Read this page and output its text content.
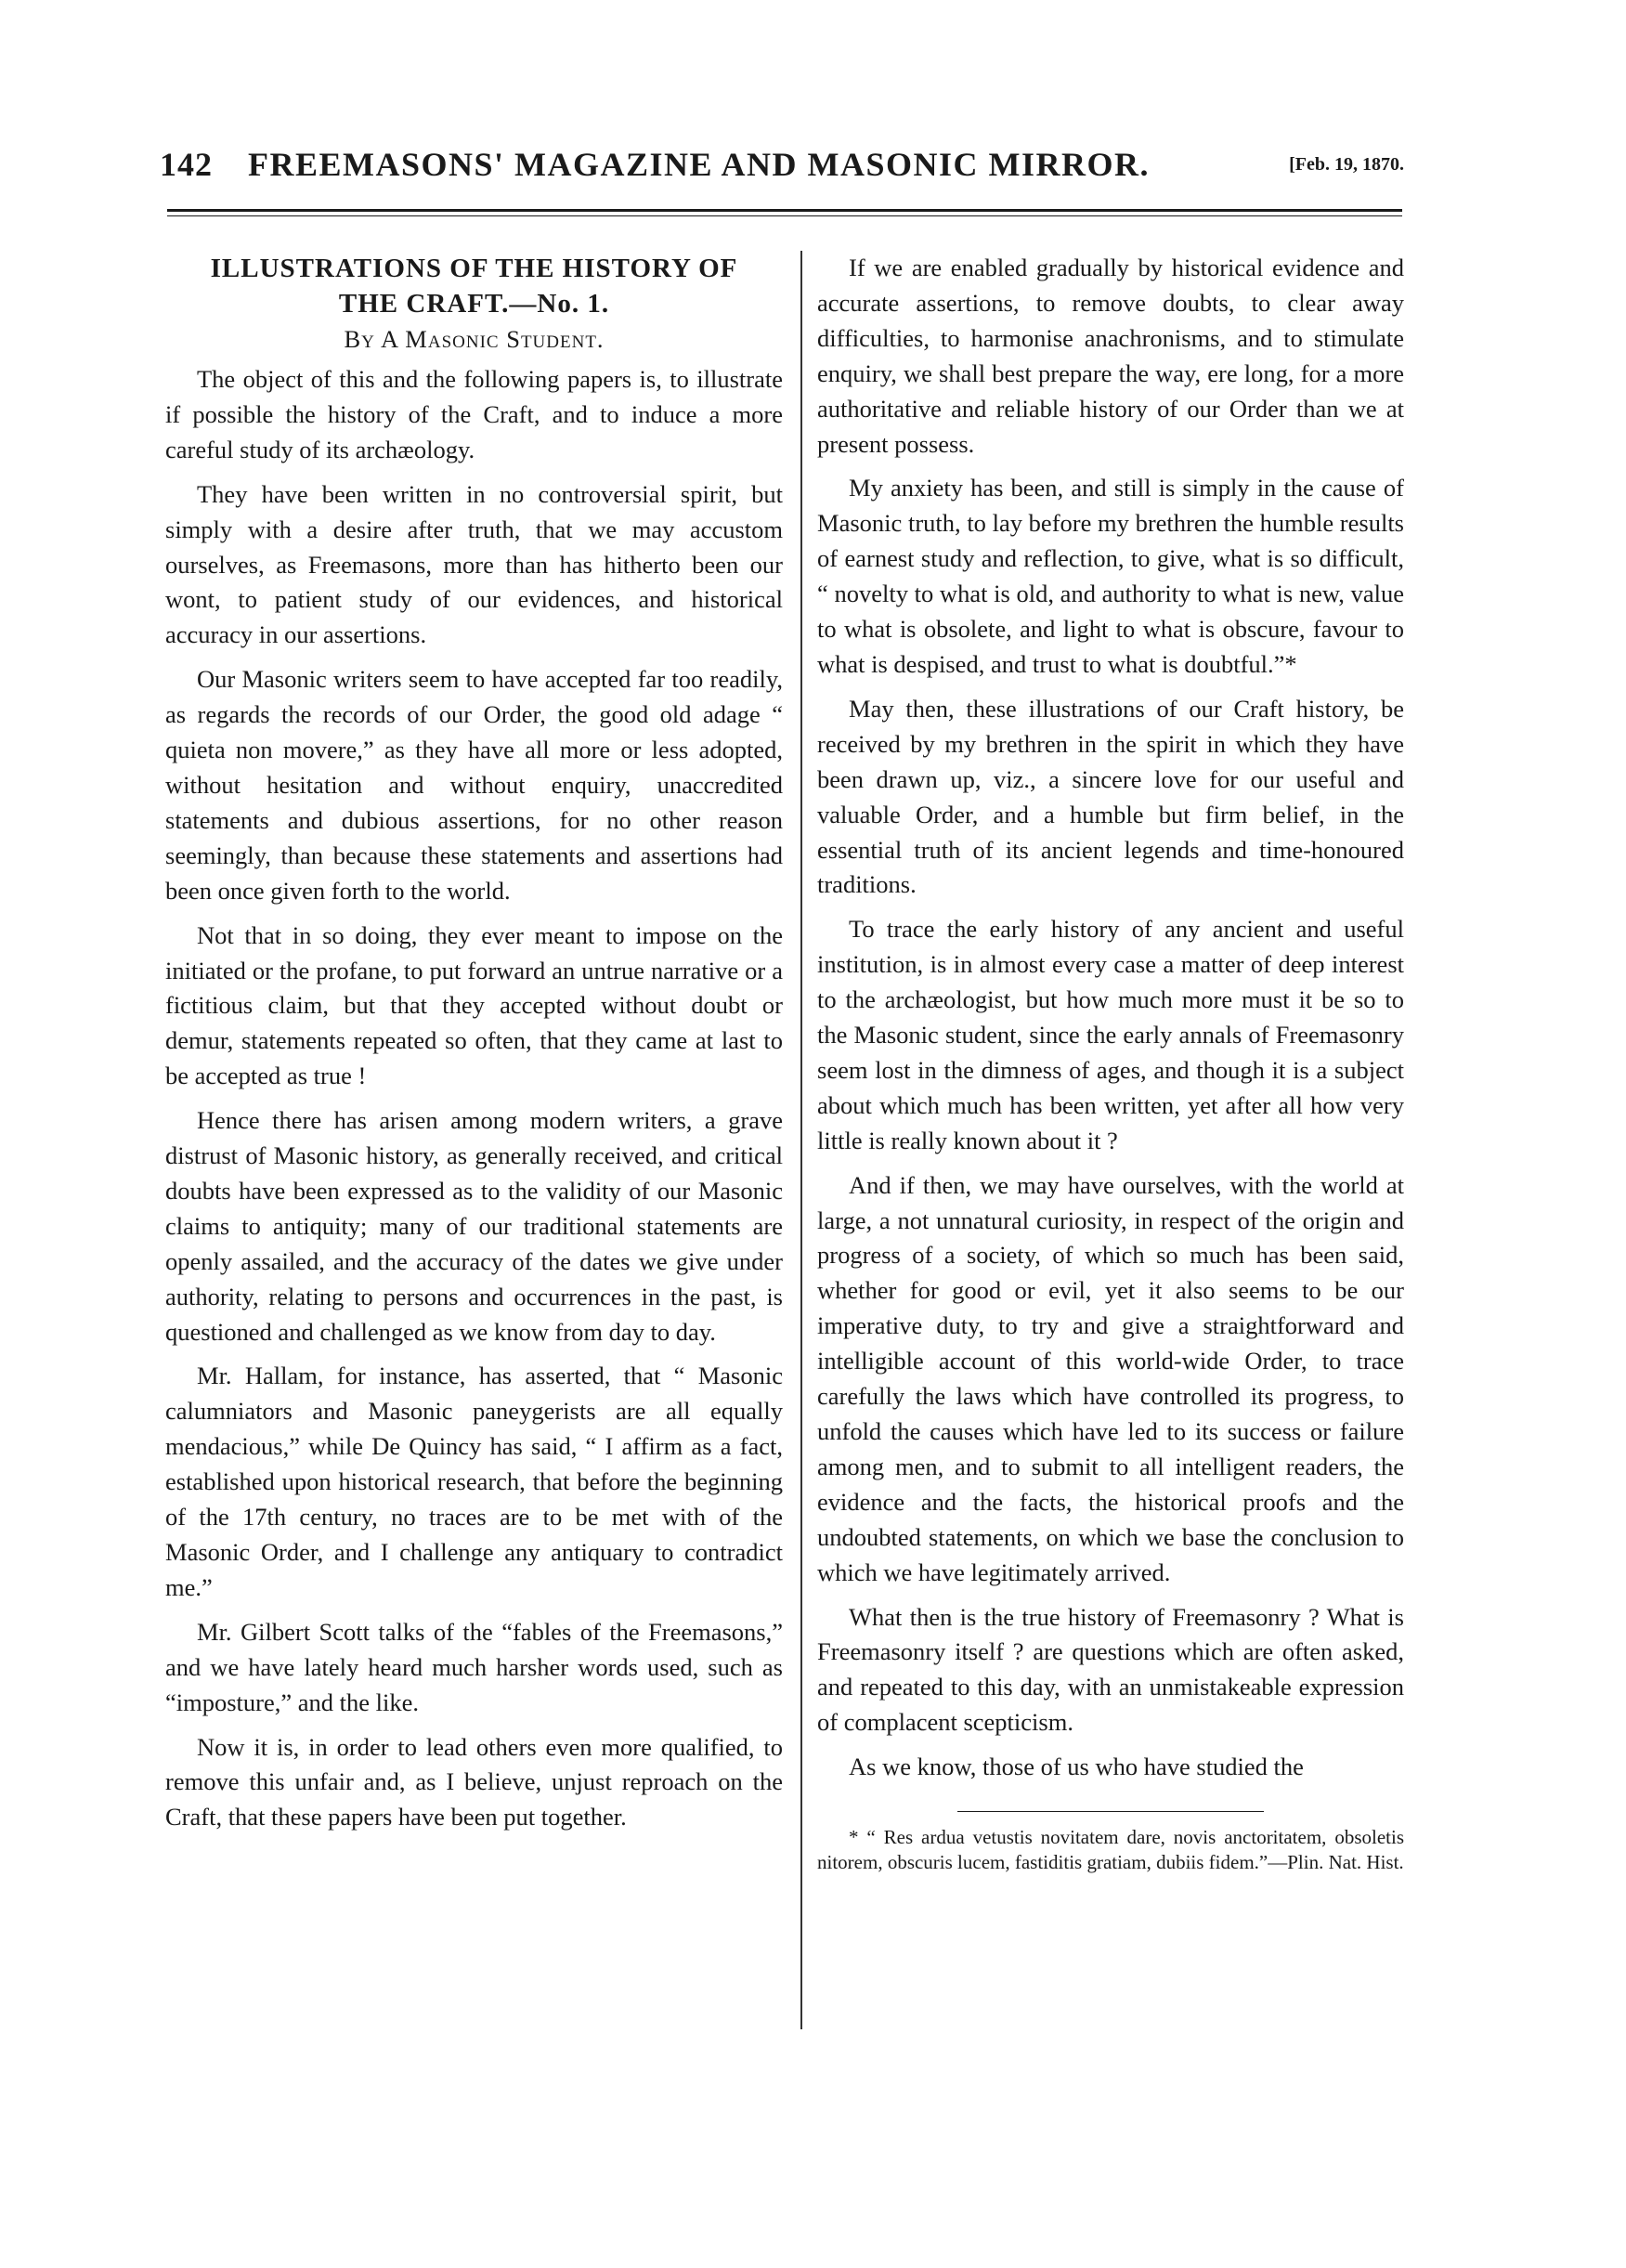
142 FREEMASONS' MAGAZINE AND MASONIC MIRROR.	[Feb. 19, 1870.
ILLUSTRATIONS OF THE HISTORY OF
THE CRAFT.—No. 1.
By A Masonic Student.

The object of this and the following papers is, to illustrate if possible the history of the Craft, and to induce a more careful study of its archæology.

They have been written in no controversial spirit, but simply with a desire after truth, that we may accustom ourselves, as Freemasons, more than has hitherto been our wont, to patient study of our evidences, and historical accuracy in our assertions.

Our Masonic writers seem to have accepted far too readily, as regards the records of our Order, the good old adage “ quieta non movere,” as they have all more or less adopted, without hesitation and without enquiry, unaccredited statements and dubious assertions, for no other reason seemingly, than because these statements and assertions had been once given forth to the world.

Not that in so doing, they ever meant to impose on the initiated or the profane, to put forward an untrue narrative or a fictitious claim, but that they accepted without doubt or demur, statements repeated so often, that they came at last to be accepted as true !

Hence there has arisen among modern writers, a grave distrust of Masonic history, as generally received, and critical doubts have been expressed as to the validity of our Masonic claims to antiquity; many of our traditional statements are openly assailed, and the accuracy of the dates we give under authority, relating to persons and occurrences in the past, is questioned and challenged as we know from day to day.

Mr. Hallam, for instance, has asserted, that “ Masonic calumniators and Masonic paneygerists are all equally mendacious,” while De Quincy has said, “ I affirm as a fact, established upon historical research, that before the beginning of the 17th century, no traces are to be met with of the Masonic Order, and I challenge any antiquary to contradict me.”

Mr. Gilbert Scott talks of the “fables of the Freemasons,” and we have lately heard much harsher words used, such as “imposture,” and the like.

Now it is, in order to lead others even more qualified, to remove this unfair and, as I believe, unjust reproach on the Craft, that these papers have been put together.

If we are enabled gradually by historical evidence and accurate assertions, to remove doubts, to clear away difficulties, to harmonise anachronisms, and to stimulate enquiry, we shall best prepare the way, ere long, for a more authoritative and reliable history of our Order than we at present possess.

My anxiety has been, and still is simply in the cause of Masonic truth, to lay before my brethren the humble results of earnest study and reflection, to give, what is so difficult, “ novelty to what is old, and authority to what is new, value to what is obsolete, and light to what is obscure, favour to what is despised, and trust to what is doubtful.”*

May then, these illustrations of our Craft history, be received by my brethren in the spirit in which they have been drawn up, viz., a sincere love for our useful and valuable Order, and a humble but firm belief, in the essential truth of its ancient legends and time-honoured traditions.

To trace the early history of any ancient and useful institution, is in almost every case a matter of deep interest to the archæologist, but how much more must it be so to the Masonic student, since the early annals of Freemasonry seem lost in the dimness of ages, and though it is a subject about which much has been written, yet after all how very little is really known about it ?

And if then, we may have ourselves, with the world at large, a not unnatural curiosity, in respect of the origin and progress of a society, of which so much has been said, whether for good or evil, yet it also seems to be our imperative duty, to try and give a straightforward and intelligible account of this world-wide Order, to trace carefully the laws which have controlled its progress, to unfold the causes which have led to its success or failure among men, and to submit to all intelligent readers, the evidence and the facts, the historical proofs and the undoubted statements, on which we base the conclusion to which we have legitimately arrived.

What then is the true history of Freemasonry ? What is Freemasonry itself ? are questions which are often asked, and repeated to this day, with an unmistakeable expression of complacent scepticism.

As we know, those of us who have studied the

* “ Res ardua vetustis novitatem dare, novis anctoritatem, obsoletis nitorem, obscuris lucem, fastiditis gratiam, dubiis fidem.”—Plin. Nat. Hist.
